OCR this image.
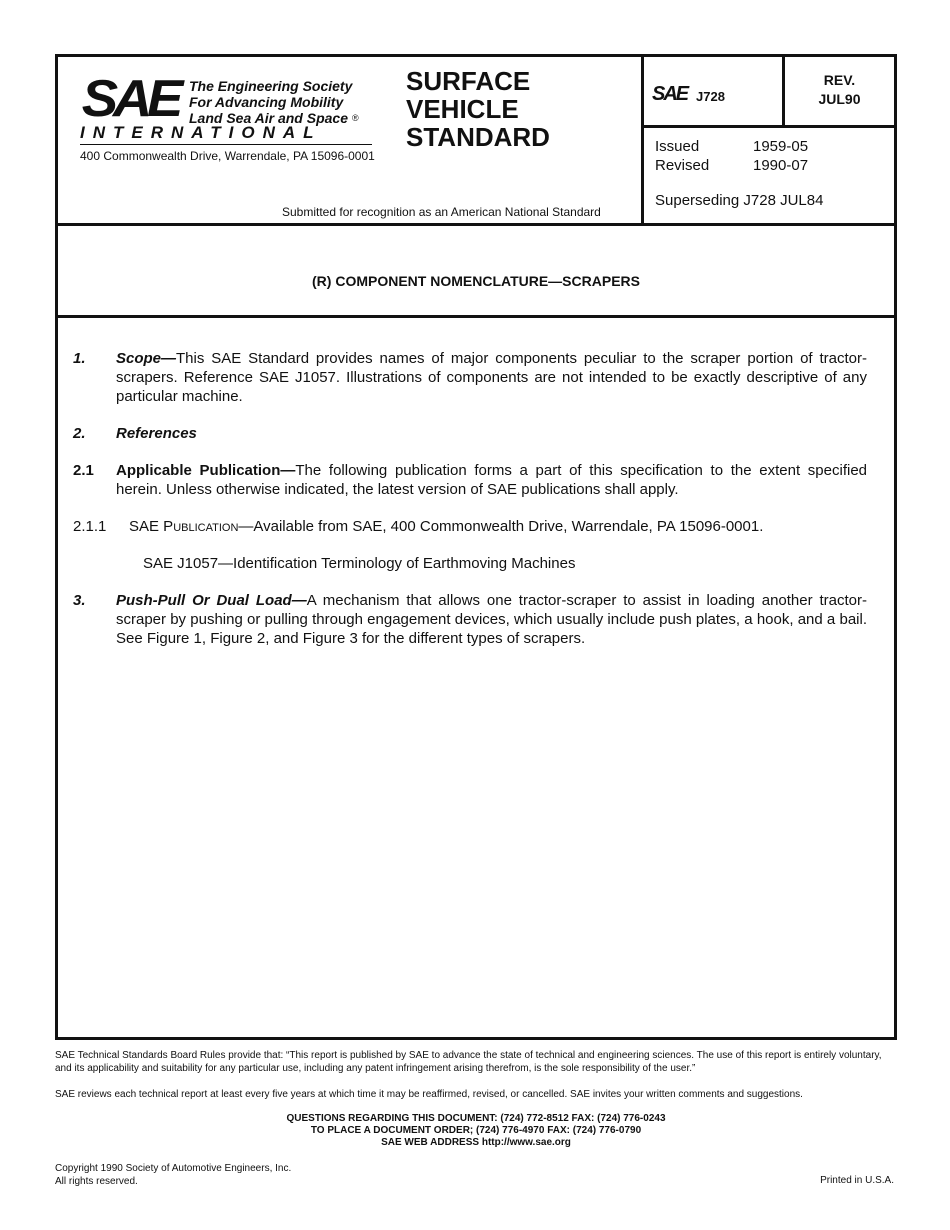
SAE The Engineering Society
For Advancing Mobility
Land Sea Air and Space ®
INTERNATIONAL
400 Commonwealth Drive, Warrendale, PA 15096-0001
SURFACE
VEHICLE
STANDARD
Submitted for recognition as an American National Standard
SAE J728
REV.
JUL90
Issued
Revised
1959-05
1990-07
Superseding J728 JUL84
(R) COMPONENT NOMENCLATURE—SCRAPERS
1. Scope—This SAE Standard provides names of major components peculiar to the scraper portion of tractor-scrapers. Reference SAE J1057. Illustrations of components are not intended to be exactly descriptive of any particular machine.
2. References
2.1 Applicable Publication—The following publication forms a part of this specification to the extent specified herein. Unless otherwise indicated, the latest version of SAE publications shall apply.
2.1.1 SAE PUBLICATION—Available from SAE, 400 Commonwealth Drive, Warrendale, PA 15096-0001.
SAE J1057—Identification Terminology of Earthmoving Machines
3. Push-Pull Or Dual Load—A mechanism that allows one tractor-scraper to assist in loading another tractor-scraper by pushing or pulling through engagement devices, which usually include push plates, a hook, and a bail. See Figure 1, Figure 2, and Figure 3 for the different types of scrapers.
SAE Technical Standards Board Rules provide that: “This report is published by SAE to advance the state of technical and engineering sciences. The use of this report is entirely voluntary, and its applicability and suitability for any particular use, including any patent infringement arising therefrom, is the sole responsibility of the user.”
SAE reviews each technical report at least every five years at which time it may be reaffirmed, revised, or cancelled. SAE invites your written comments and suggestions.
QUESTIONS REGARDING THIS DOCUMENT: (724) 772-8512 FAX: (724) 776-0243
TO PLACE A DOCUMENT ORDER; (724) 776-4970 FAX: (724) 776-0790
SAE WEB ADDRESS http://www.sae.org
Copyright 1990 Society of Automotive Engineers, Inc.
All rights reserved.	Printed in U.S.A.
